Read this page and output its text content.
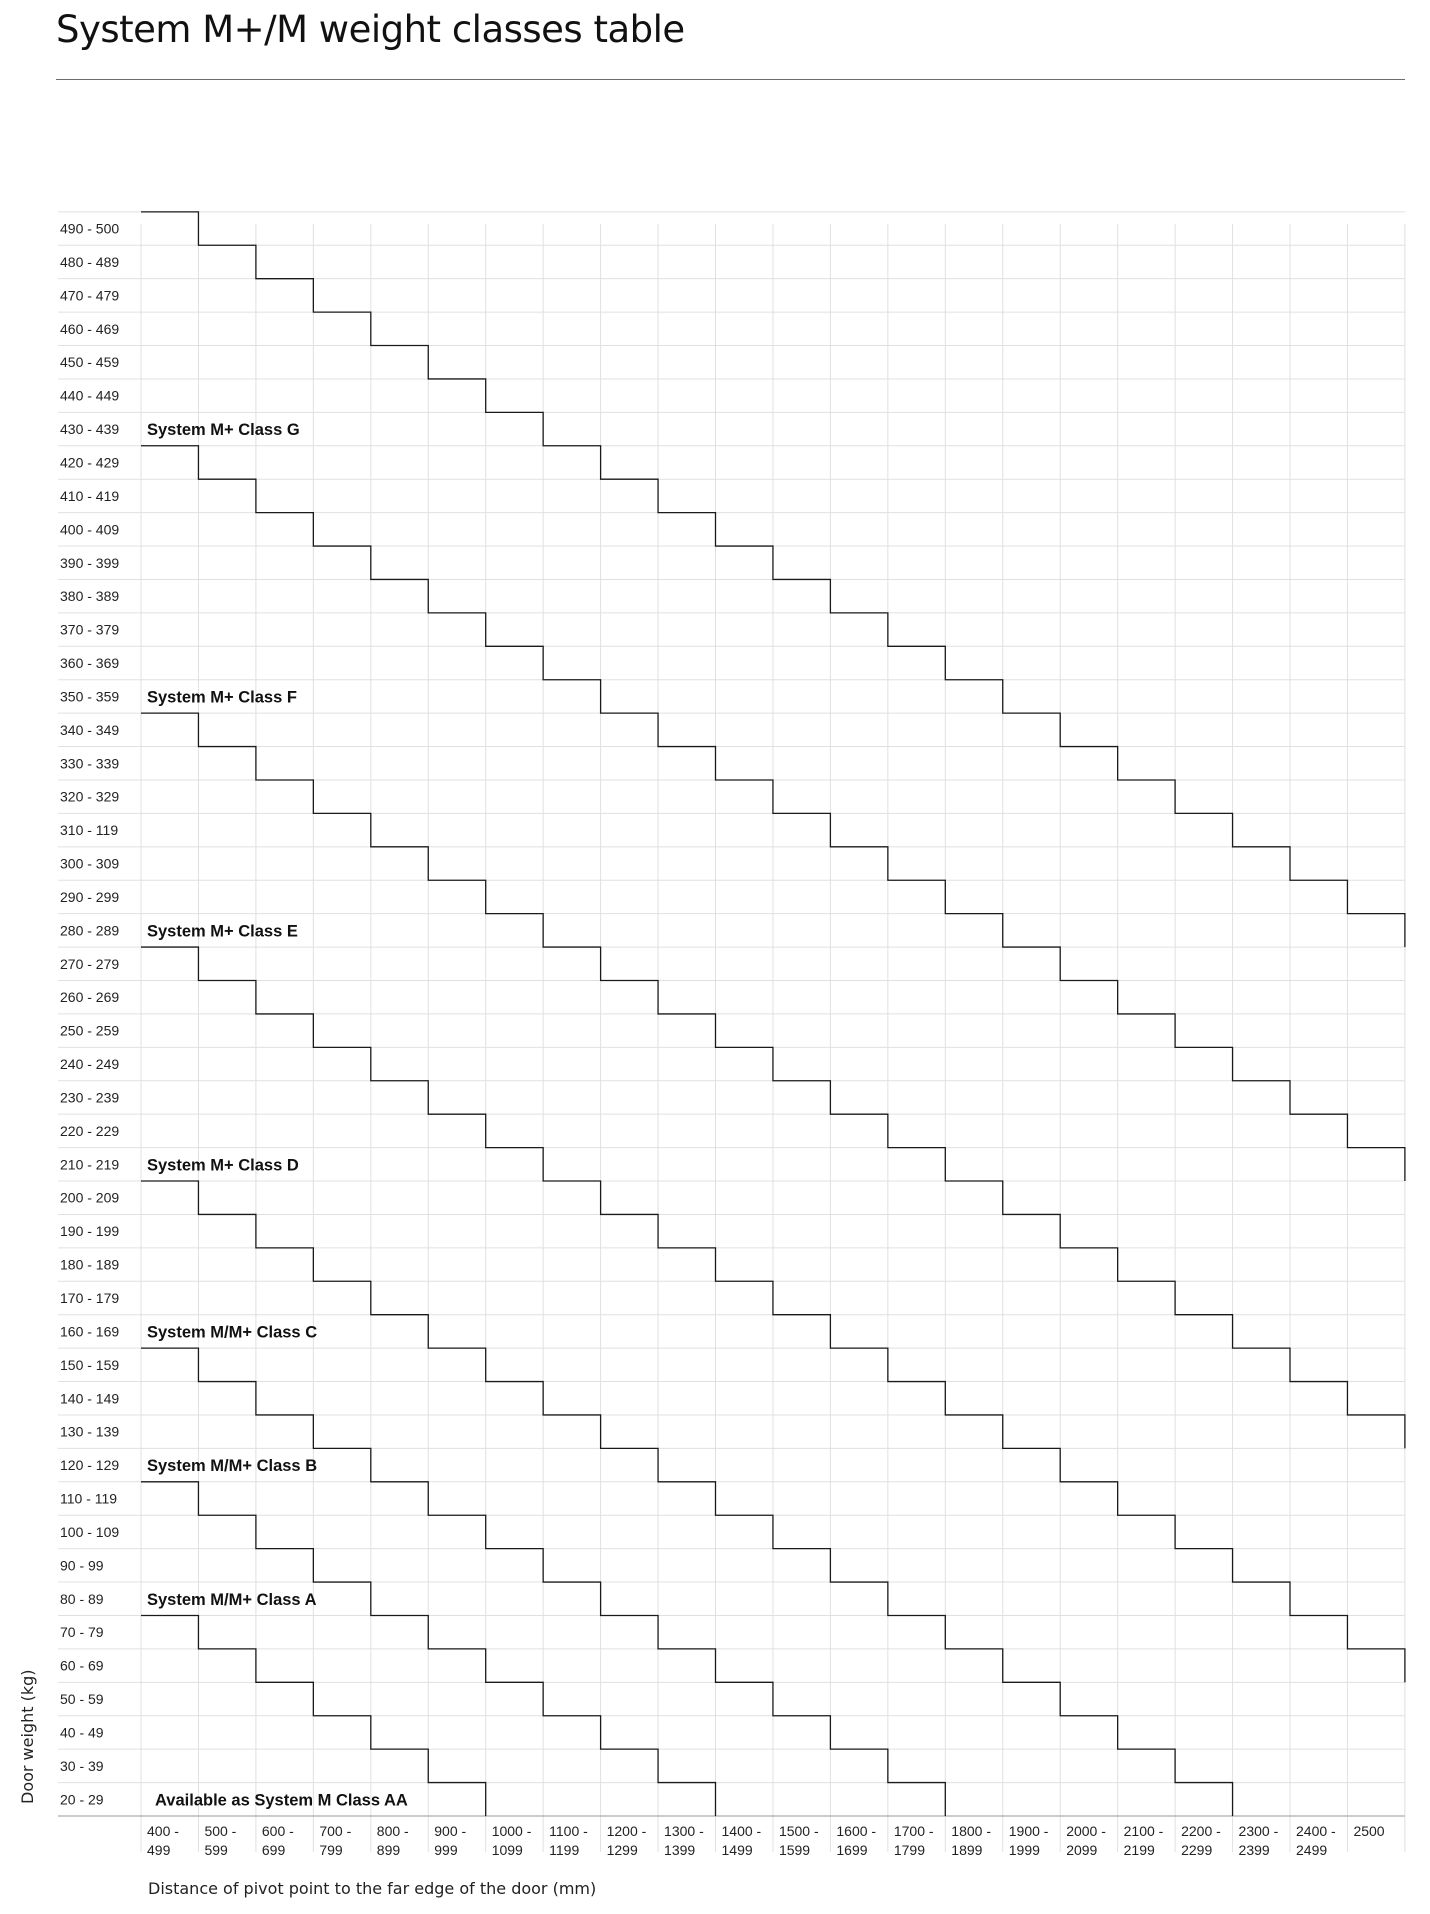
System M+/M weight classes table
20 - 29
30 - 39
40 - 49
50 - 59
60 - 69
70 - 79
80 - 89
90 - 99
100 - 109
110 - 119
120 - 129
130 - 139
140 - 149
150 - 159
160 - 169
170 - 179
180 - 189
190 - 199
200 - 209
210 - 219
220 - 229
230 - 239
240 - 249
250 - 259
260 - 269
270 - 279
280 - 289
290 - 299
300 - 309
310 - 119
320 - 329
330 - 339
340 - 349
350 - 359
360 - 369
370 - 379
380 - 389
390 - 399
400 - 409
410 - 419
420 - 429
430 - 439
440 - 449
450 - 459
460 - 469
470 - 479
480 - 489
490 - 500
400 -
499
500 -
599
600 -
699
700 -
799
800 -
899
900 -
999
1000 -
1099
1100 -
1199
1200 -
1299
1300 -
1399
1400 -
1499
1500 -
1599
1600 -
1699
1700 -
1799
1800 -
1899
1900 -
1999
2000 -
2099
2100 -
2199
2200 -
2299
2300 -
2399
2400 -
2499
2500
Distance of pivot point to the far edge of the door (mm)
Door weight (kg)	Available as System M Class AA
System M/M+ Class A
System M/M+ Class B
System M/M+ Class C
System M+ Class D
System M+ Class E
System M+ Class F
System M+ Class G
